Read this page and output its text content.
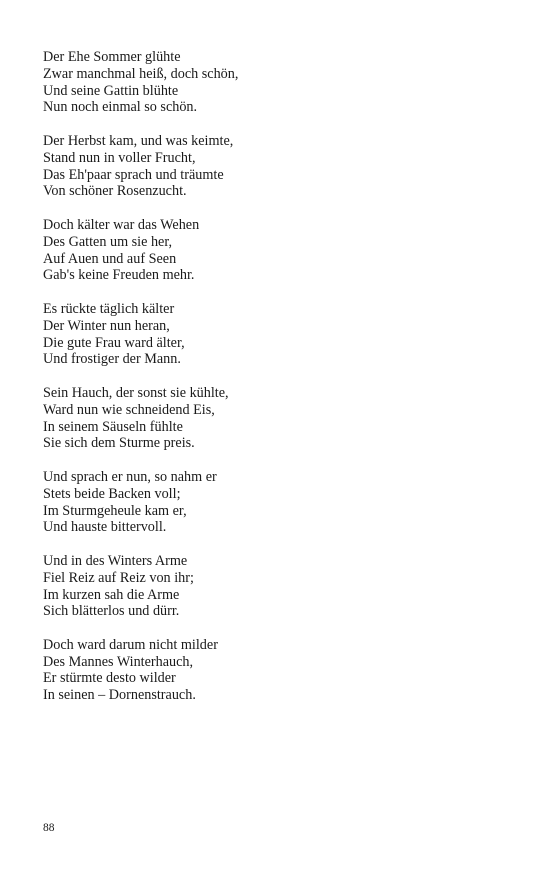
Der Ehe Sommer glühte
Zwar manchmal heiß, doch schön,
Und seine Gattin blühte
Nun noch einmal so schön.
Der Herbst kam, und was keimte,
Stand nun in voller Frucht,
Das Eh'paar sprach und träumte
Von schöner Rosenzucht.
Doch kälter war das Wehen
Des Gatten um sie her,
Auf Auen und auf Seen
Gab's keine Freuden mehr.
Es rückte täglich kälter
Der Winter nun heran,
Die gute Frau ward älter,
Und frostiger der Mann.
Sein Hauch, der sonst sie kühlte,
Ward nun wie schneidend Eis,
In seinem Säuseln fühlte
Sie sich dem Sturme preis.
Und sprach er nun, so nahm er
Stets beide Backen voll;
Im Sturmgeheule kam er,
Und hauste bittervoll.
Und in des Winters Arme
Fiel Reiz auf Reiz von ihr;
Im kurzen sah die Arme
Sich blätterlos und dürr.
Doch ward darum nicht milder
Des Mannes Winterhauch,
Er stürmte desto wilder
In seinen – Dornenstrauch.
88
